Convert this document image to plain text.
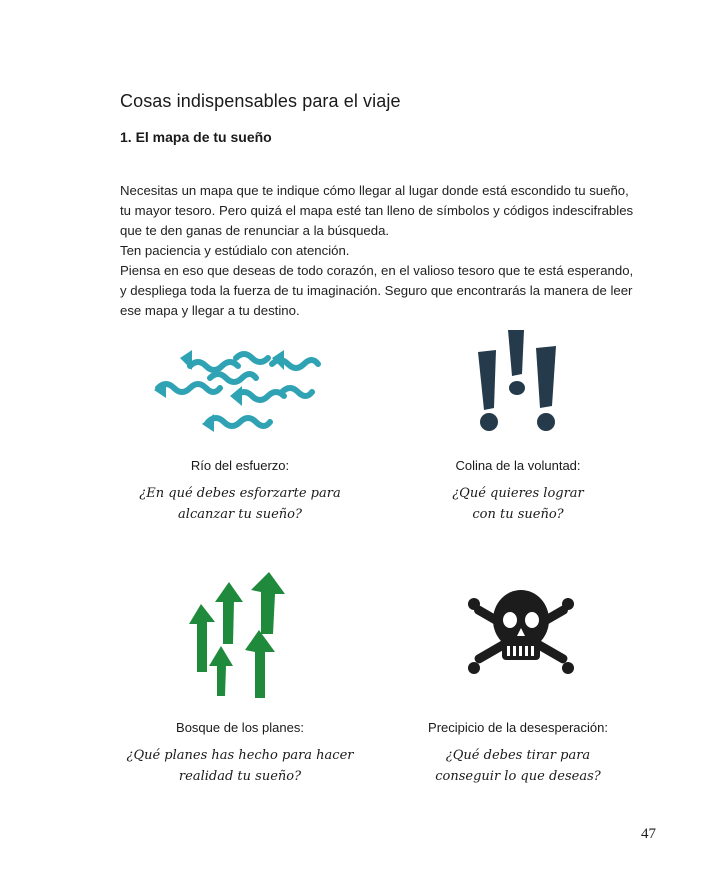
Cosas indispensables para el viaje
1. El mapa de tu sueño
Necesitas un mapa que te indique cómo llegar al lugar donde está escondido tu sueño,
tu mayor tesoro. Pero quizá el mapa esté tan lleno de símbolos y códigos indescifrables
que te den ganas de renunciar a la búsqueda.
Ten paciencia y estúdialo con atención.
Piensa en eso que deseas de todo corazón, en el valioso tesoro que te está esperando,
y despliega toda la fuerza de tu imaginación. Seguro que encontrarás la manera de leer
ese mapa y llegar a tu destino.
Río del esfuerzo:
¿En qué debes esforzarte para
alcanzar tu sueño?
Colina de la voluntad:
¿Qué quieres lograr
con tu sueño?
Bosque de los planes:
¿Qué planes has hecho para hacer
realidad tu sueño?
Precipicio de la desesperación:
¿Qué debes tirar para
conseguir lo que deseas?
47
